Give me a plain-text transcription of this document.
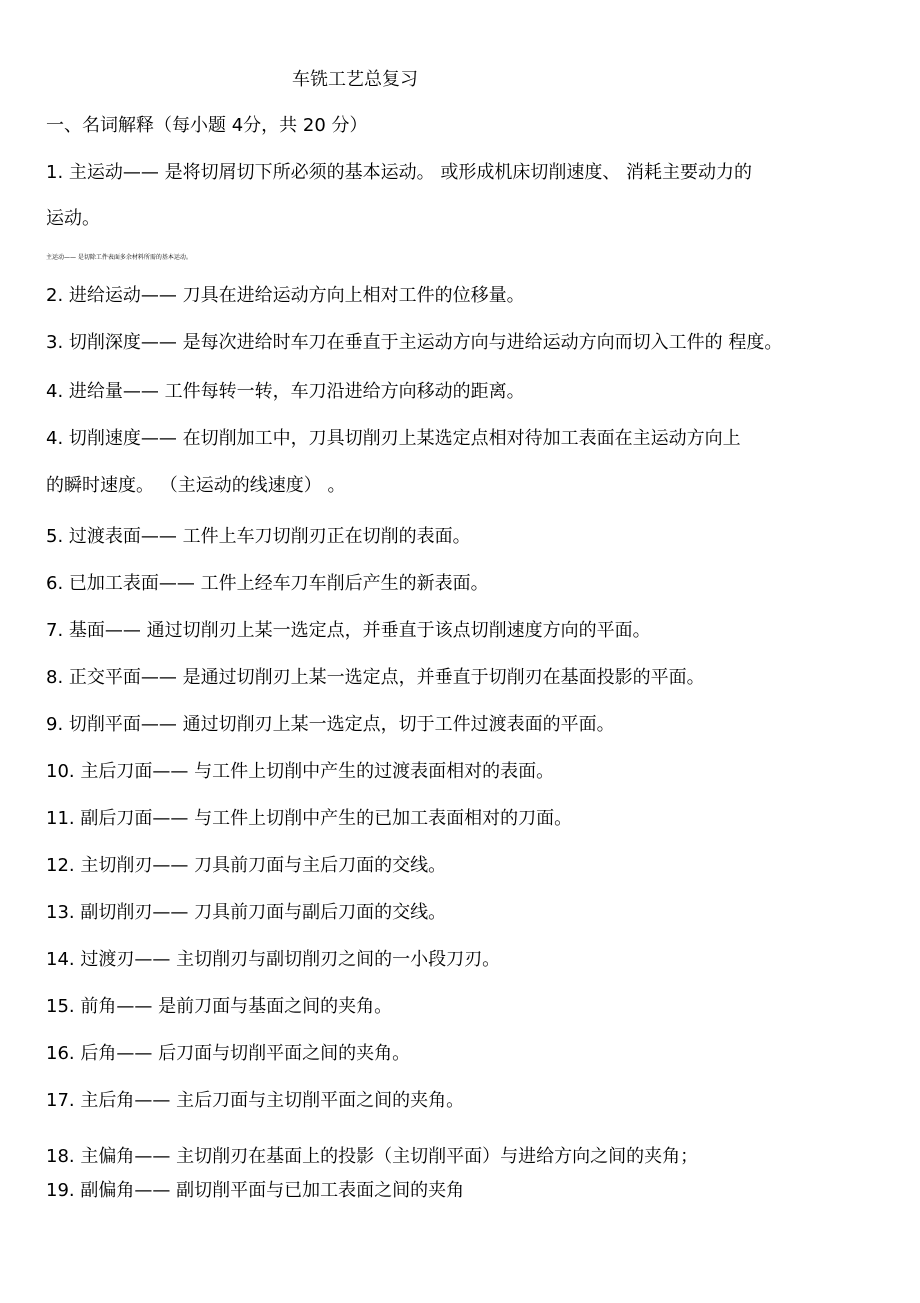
车铣工艺总复习
一、名词解释（每小题 4分，共 20 分）
1. 主运动—— 是将切屑切下所必须的基本运动。 或形成机床切削速度、 消耗主要动力的
运动。
主运动—— 是切除工件表面多余材料所需的基本运动。
2. 进给运动—— 刀具在进给运动方向上相对工件的位移量。
3. 切削深度—— 是每次进给时车刀在垂直于主运动方向与进给运动方向而切入工件的 程度。
4. 进给量—— 工件每转一转，车刀沿进给方向移动的距离。
4. 切削速度—— 在切削加工中，刀具切削刃上某选定点相对待加工表面在主运动方向上
的瞬时速度。 （主运动的线速度） 。
5. 过渡表面—— 工件上车刀切削刃正在切削的表面。
6. 已加工表面—— 工件上经车刀车削后产生的新表面。
7. 基面—— 通过切削刃上某一选定点，并垂直于该点切削速度方向的平面。
8. 正交平面—— 是通过切削刃上某一选定点，并垂直于切削刃在基面投影的平面。
9. 切削平面—— 通过切削刃上某一选定点，切于工件过渡表面的平面。
10. 主后刀面—— 与工件上切削中产生的过渡表面相对的表面。
11. 副后刀面—— 与工件上切削中产生的已加工表面相对的刀面。
12. 主切削刃—— 刀具前刀面与主后刀面的交线。
13. 副切削刃—— 刀具前刀面与副后刀面的交线。
14. 过渡刃—— 主切削刃与副切削刃之间的一小段刀刃。
15. 前角—— 是前刀面与基面之间的夹角。
16. 后角—— 后刀面与切削平面之间的夹角。
17. 主后角—— 主后刀面与主切削平面之间的夹角。
18. 主偏角—— 主切削刃在基面上的投影（主切削平面）与进给方向之间的夹角；
19. 副偏角—— 副切削平面与已加工表面之间的夹角
